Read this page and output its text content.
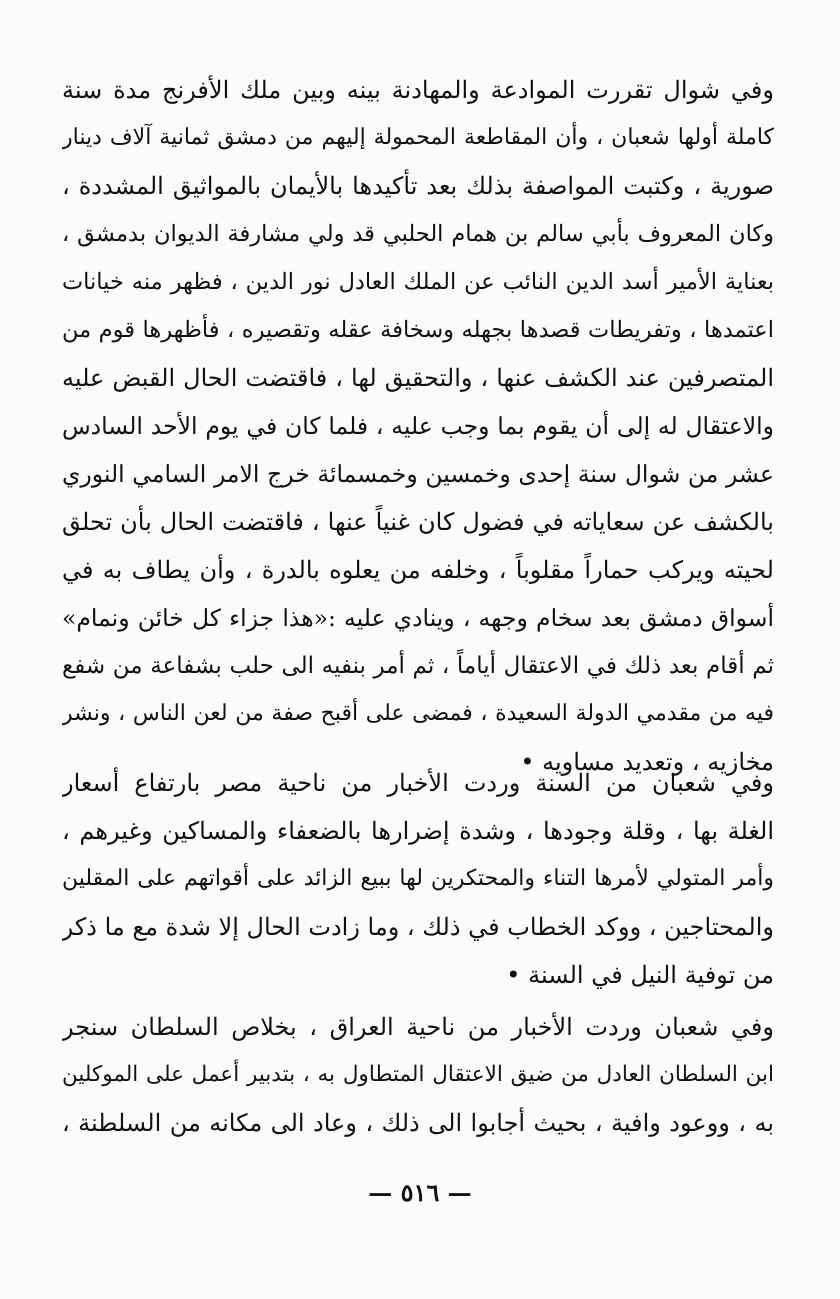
وفي شوال تقررت الموادعة والمهادنة بينه وبين ملك الأفرنج مدة سنة
كاملة أولها شعبان ، وأن المقاطعة المحمولة إليهم من دمشق ثمانية آلاف دينار
صورية ، وكتبت المواصفة بذلك بعد تأكيدها بالأيمان بالمواثيق المشددة ،
وكان المعروف بأبي سالم بن همام الحلبي قد ولي مشارفة الديوان بدمشق ،
بعناية الأمير أسد الدين النائب عن الملك العادل نور الدين ، فظهر منه خيانات
اعتمدها ، وتفريطات قصدها بجهله وسخافة عقله وتقصيره ، فأظهرها قوم من
المتصرفين عند الكشف عنها ، والتحقيق لها ، فاقتضت الحال القبض عليه
والاعتقال له إلى أن يقوم بما وجب عليه ، فلما كان في يوم الأحد السادس
عشر من شوال سنة إحدى وخمسين وخمسمائة خرج الامر السامي النوري
بالكشف عن سعاياته في فضول كان غنياً عنها ، فاقتضت الحال بأن تحلق
لحيته ويركب حماراً مقلوباً ، وخلفه من يعلوه بالدرة ، وأن يطاف به في
أسواق دمشق بعد سخام وجهه ، وينادي عليه :«هذا جزاء كل خائن ونمام»
ثم أقام بعد ذلك في الاعتقال أياماً ، ثم أمر بنفيه الى حلب بشفاعة من شفع
فيه من مقدمي الدولة السعيدة ، فمضى على أقبح صفة من لعن الناس ، ونشر
مخازيه ، وتعديد مساويه •
وفي شعبان من السنة وردت الأخبار من ناحية مصر بارتفاع أسعار
الغلة بها ، وقلة وجودها ، وشدة إضرارها بالضعفاء والمساكين وغيرهم ،
وأمر المتولي لأمرها التناء والمحتكرين لها ببيع الزائد على أقواتهم على المقلين
والمحتاجين ، ووكد الخطاب في ذلك ، وما زادت الحال إلا شدة مع ما ذكر
من توفية النيل في السنة •
وفي شعبان وردت الأخبار من ناحية العراق ، بخلاص السلطان سنجر
ابن السلطان العادل من ضيق الاعتقال المتطاول به ، بتدبير أعمل على الموكلين
به ، ووعود وافية ، بحيث أجابوا الى ذلك ، وعاد الى مكانه من السلطنة ،
— ٥١٦ —
